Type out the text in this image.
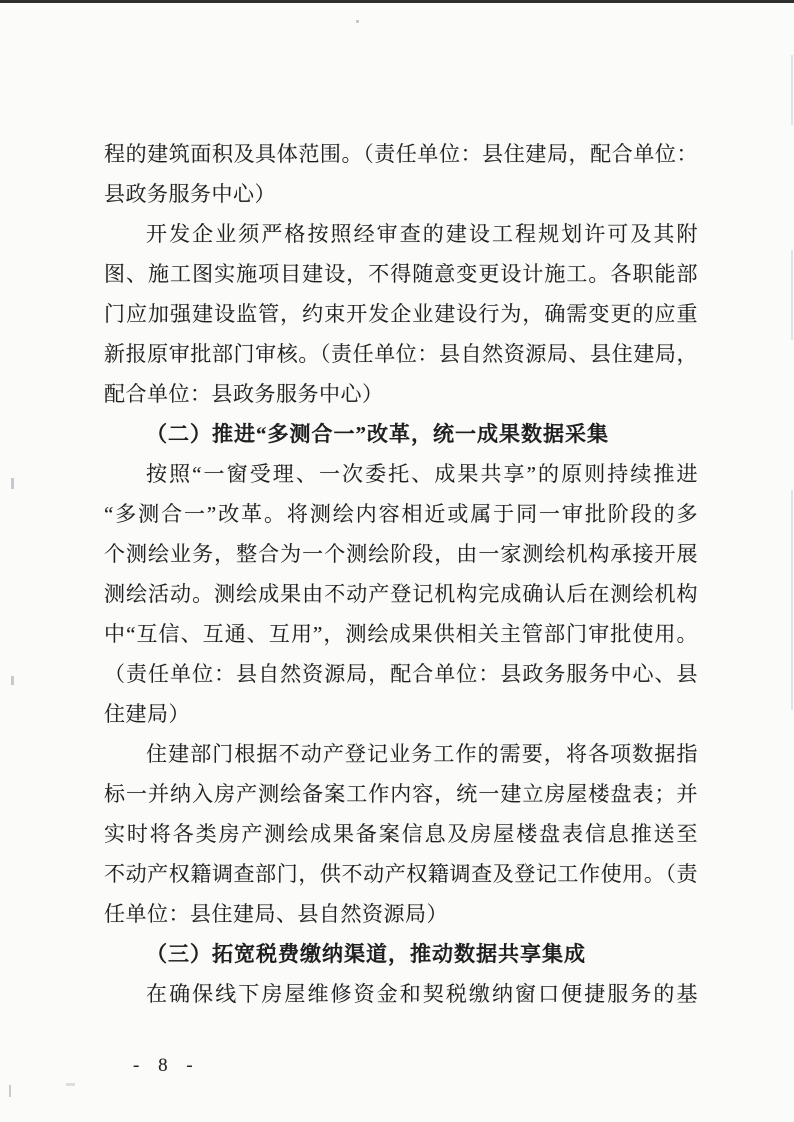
程的建筑面积及具体范围。（责任单位：县住建局，配合单位：
县政务服务中心）
开发企业须严格按照经审查的建设工程规划许可及其附
图、施工图实施项目建设，不得随意变更设计施工。各职能部
门应加强建设监管，约束开发企业建设行为，确需变更的应重
新报原审批部门审核。（责任单位：县自然资源局、县住建局，
配合单位：县政务服务中心）
（二）推进“多测合一”改革，统一成果数据采集
按照“一窗受理、一次委托、成果共享”的原则持续推进
“多测合一”改革。将测绘内容相近或属于同一审批阶段的多
个测绘业务，整合为一个测绘阶段，由一家测绘机构承接开展
测绘活动。测绘成果由不动产登记机构完成确认后在测绘机构
中“互信、互通、互用”，测绘成果供相关主管部门审批使用。
（责任单位：县自然资源局，配合单位：县政务服务中心、县
住建局）
住建部门根据不动产登记业务工作的需要，将各项数据指
标一并纳入房产测绘备案工作内容，统一建立房屋楼盘表；并
实时将各类房产测绘成果备案信息及房屋楼盘表信息推送至
不动产权籍调查部门，供不动产权籍调查及登记工作使用。（责
任单位：县住建局、县自然资源局）
（三）拓宽税费缴纳渠道，推动数据共享集成
在确保线下房屋维修资金和契税缴纳窗口便捷服务的基
- 8 -
